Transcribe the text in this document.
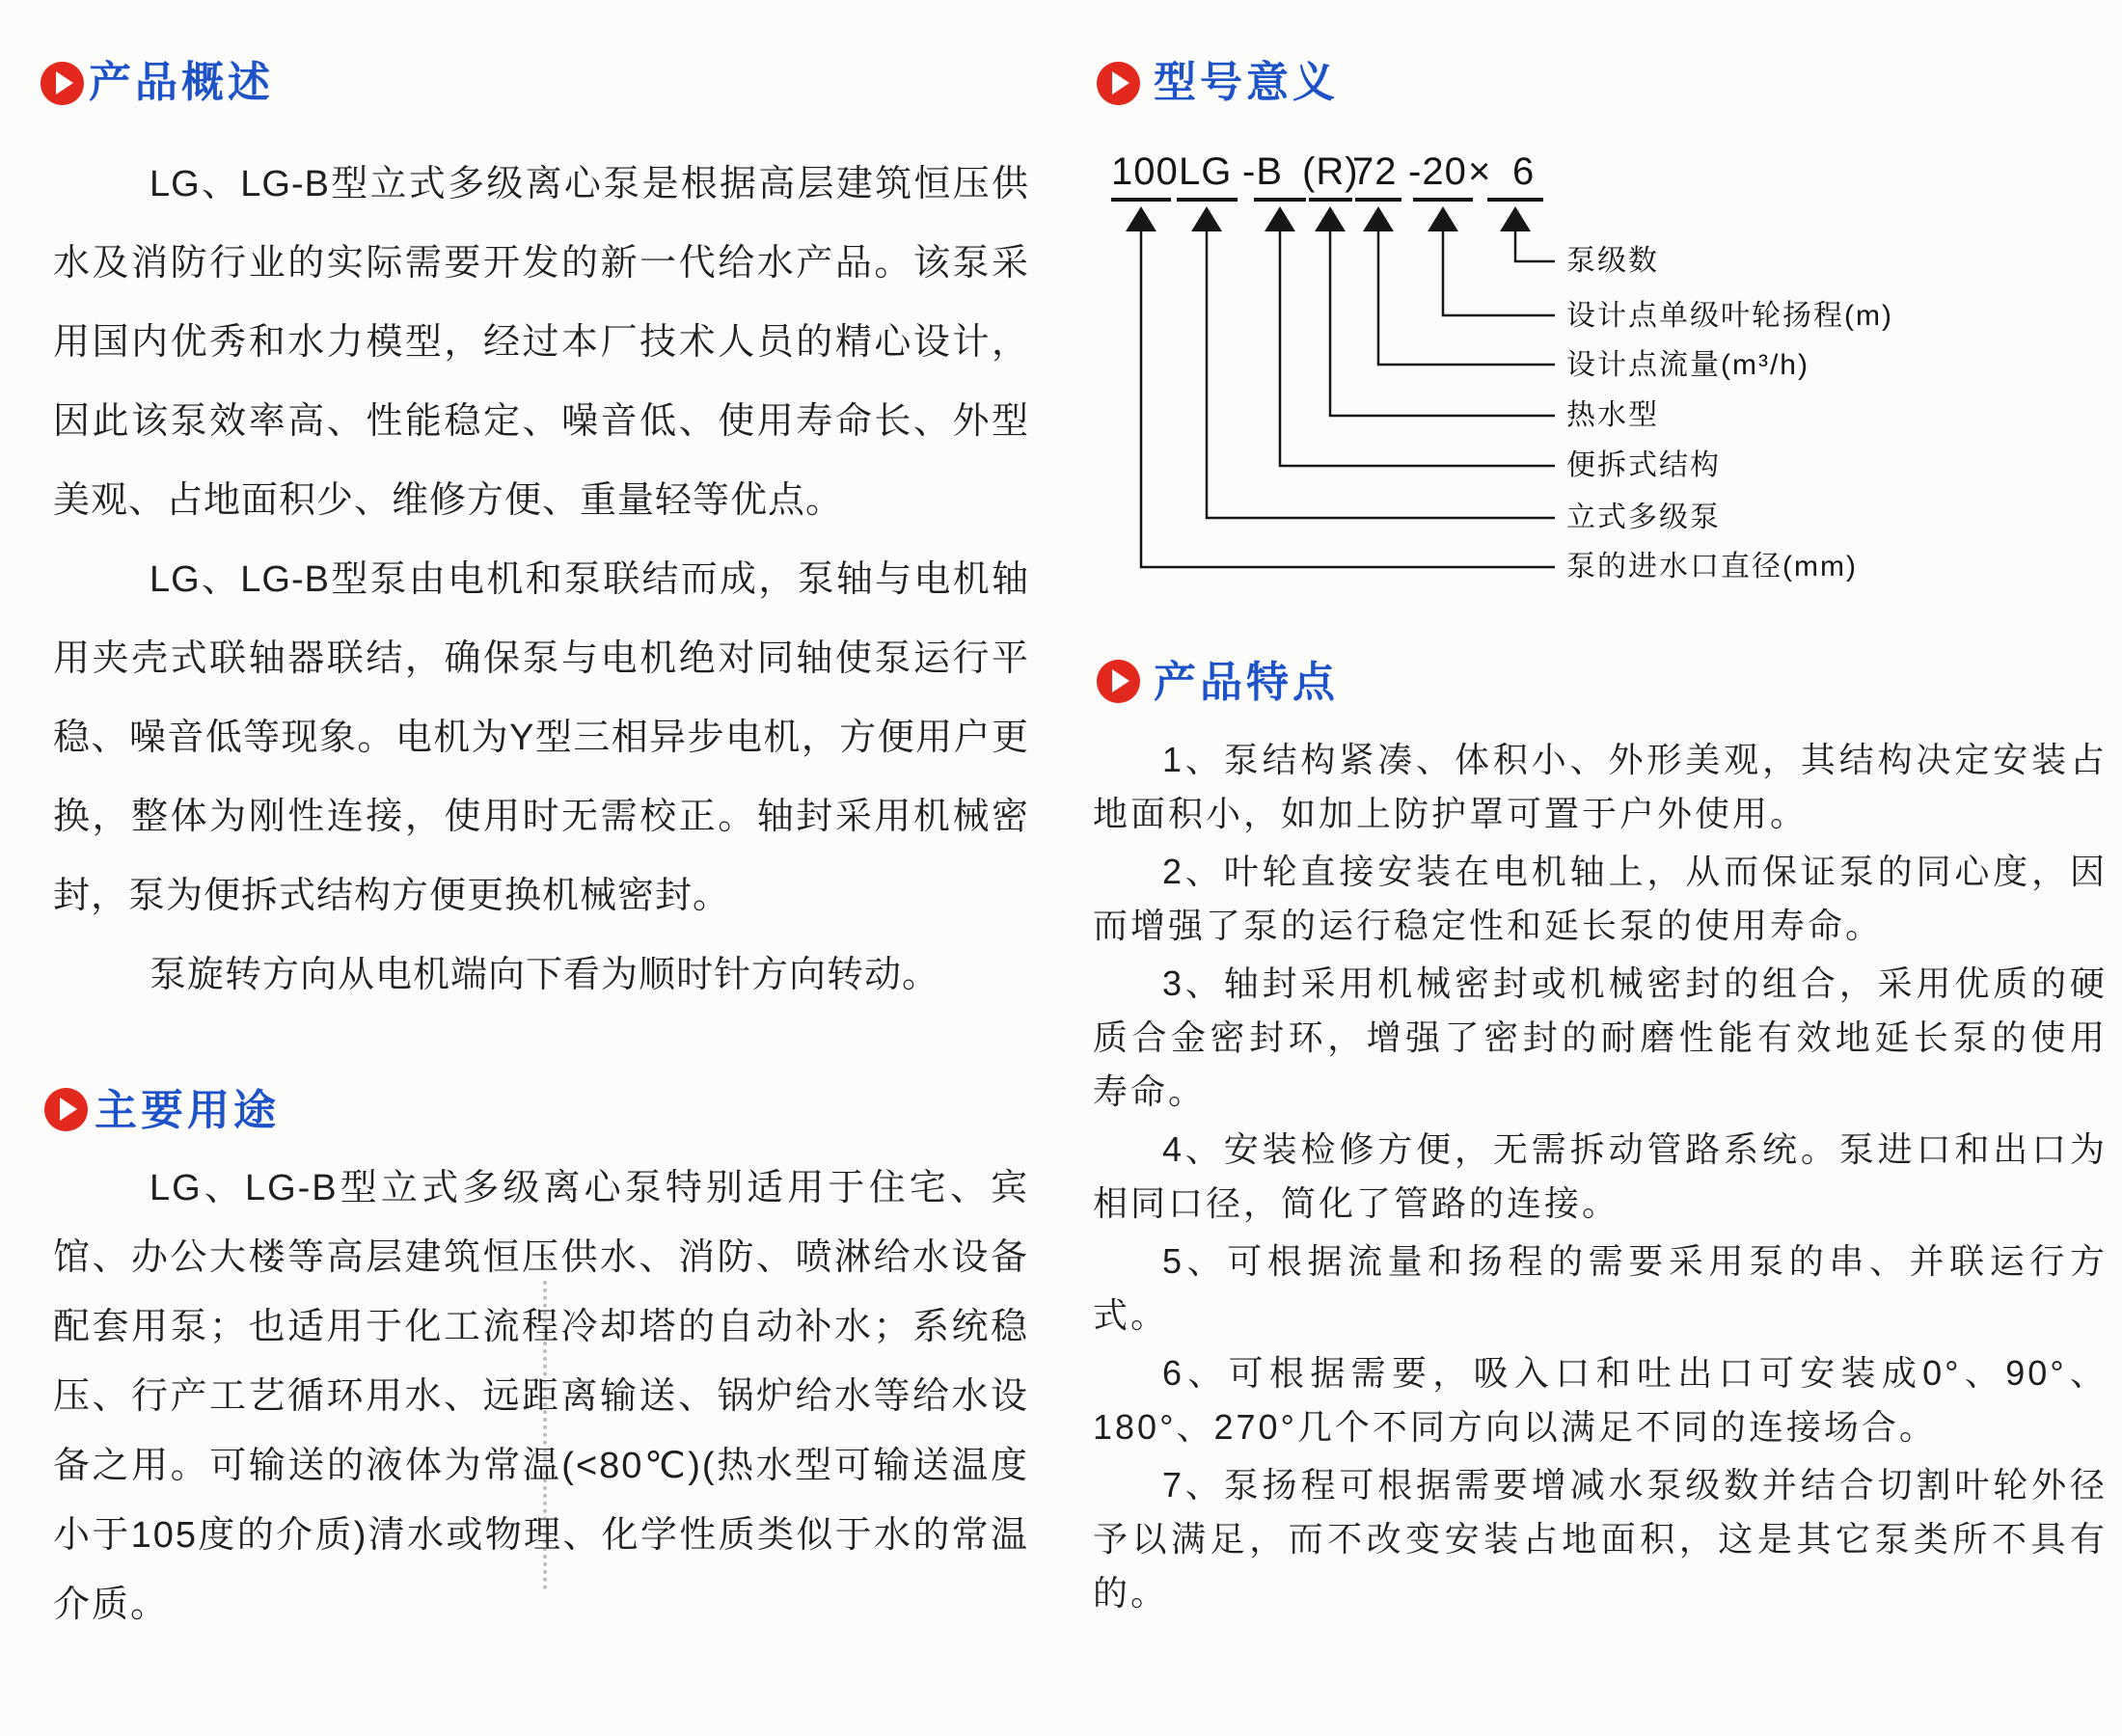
产品概述

LG、LG-B型立式多级离心泵是根据高层建筑恒压供水及消防行业的实际需要开发的新一代给水产品。该泵采用国内优秀和水力模型，经过本厂技术人员的精心设计，因此该泵效率高、性能稳定、噪音低、使用寿命长、外型美观、占地面积少、维修方便、重量轻等优点。

LG、LG-B型泵由电机和泵联结而成，泵轴与电机轴用夹壳式联轴器联结，确保泵与电机绝对同轴使泵运行平稳、噪音低等现象。电机为Y型三相异步电机，方便用户更换，整体为刚性连接，使用时无需校正。轴封采用机械密封，泵为便拆式结构方便更换机械密封。

泵旋转方向从电机端向下看为顺时针方向转动。

主要用途

LG、LG-B型立式多级离心泵特别适用于住宅、宾馆、办公大楼等高层建筑恒压供水、消防、喷淋给水设备配套用泵；也适用于化工流程冷却塔的自动补水；系统稳压、行产工艺循环用水、远距离输送、锅炉给水等给水设备之用。可输送的液体为常温(<80℃)(热水型可输送温度小于105度的介质)清水或物理、化学性质类似于水的常温介质。

型号意义
100 LG -B (R)
72 -20 × 6
泵级数
设计点单级叶轮扬程(m)
设计点流量(m³/h)
热水型
便拆式结构
立式多级泵
泵的进水口直径(mm)
产品特点

1、泵结构紧凑、体积小、外形美观，其结构决定安装占地面积小，如加上防护罩可置于户外使用。

2、叶轮直接安装在电机轴上，从而保证泵的同心度，因而增强了泵的运行稳定性和延长泵的使用寿命。

3、轴封采用机械密封或机械密封的组合，采用优质的硬质合金密封环，增强了密封的耐磨性能有效地延长泵的使用寿命。

4、安装检修方便，无需拆动管路系统。泵进口和出口为相同口径，简化了管路的连接。

5、可根据流量和扬程的需要采用泵的串、并联运行方式。

6、可根据需要，吸入口和吐出口可安装成0°、90°、180°、270°几个不同方向以满足不同的连接场合。

7、泵扬程可根据需要增减水泵级数并结合切割叶轮外径予以满足，而不改变安装占地面积，这是其它泵类所不具有的。
